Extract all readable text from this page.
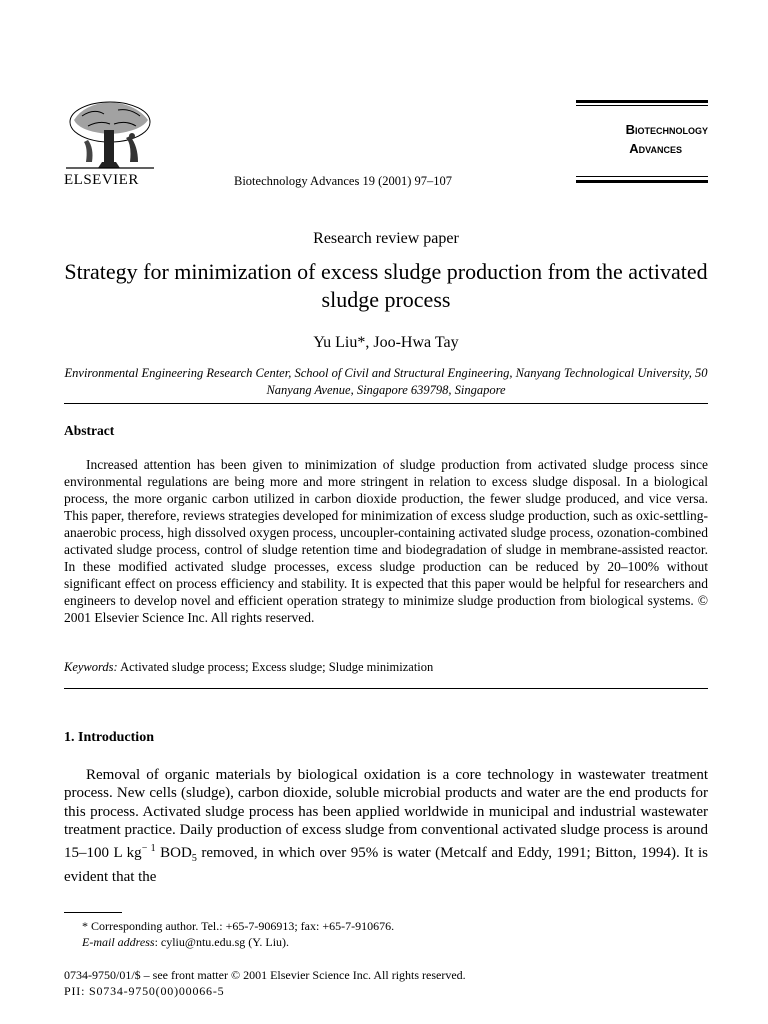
ELSEVIER	Biotechnology Advances 19 (2001) 97–107
Biotechnology
Advances
Research review paper
Strategy for minimization of excess sludge production from the activated sludge process
Yu Liu*, Joo-Hwa Tay
Environmental Engineering Research Center, School of Civil and Structural Engineering, Nanyang Technological University, 50 Nanyang Avenue, Singapore 639798, Singapore
Abstract
Increased attention has been given to minimization of sludge production from activated sludge process since environmental regulations are being more and more stringent in relation to excess sludge disposal. In a biological process, the more organic carbon utilized in carbon dioxide production, the fewer sludge produced, and vice versa. This paper, therefore, reviews strategies developed for minimization of excess sludge production, such as oxic-settling-anaerobic process, high dissolved oxygen process, uncoupler-containing activated sludge process, ozonation-combined activated sludge process, control of sludge retention time and biodegradation of sludge in membrane-assisted reactor. In these modified activated sludge processes, excess sludge production can be reduced by 20–100% without significant effect on process efficiency and stability. It is expected that this paper would be helpful for researchers and engineers to develop novel and efficient operation strategy to minimize sludge production from biological systems. © 2001 Elsevier Science Inc. All rights reserved.
Keywords: Activated sludge process; Excess sludge; Sludge minimization
1. Introduction
Removal of organic materials by biological oxidation is a core technology in wastewater treatment process. New cells (sludge), carbon dioxide, soluble microbial products and water are the end products for this process. Activated sludge process has been applied worldwide in municipal and industrial wastewater treatment practice. Daily production of excess sludge from conventional activated sludge process is around 15–100 L $kg^{- 1}$ $BOD_5$ removed, in which over 95% is water (Metcalf and Eddy, 1991; Bitton, 1994). It is evident that the
* Corresponding author. Tel.: +65-7-906913; fax: +65-7-910676.
E-mail address: cyliu@ntu.edu.sg (Y. Liu).
0734-9750/01/$ – see front matter © 2001 Elsevier Science Inc. All rights reserved.
PII: S0734-9750(00)00066-5
